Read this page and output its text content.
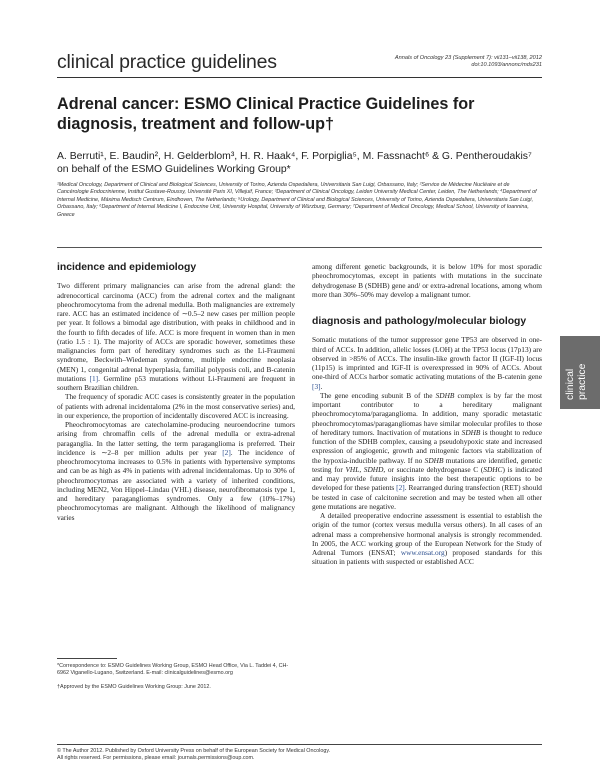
clinical practice guidelines	Annals of Oncology 23 (Supplement 7): vii131–vii138, 2012
doi:10.1093/annonc/mds231
Adrenal cancer: ESMO Clinical Practice Guidelines for diagnosis, treatment and follow-up†
A. Berruti¹, E. Baudin², H. Gelderblom³, H. R. Haak⁴, F. Porpiglia⁵, M. Fassnacht⁶ & G. Pentheroudakis⁷ on behalf of the ESMO Guidelines Working Group*
¹Medical Oncology, Department of Clinical and Biological Sciences, University of Torino, Azienda Ospedaliera, Universitaria San Luigi, Orbassano, Italy; ²Service de Médecine Nucléaire et de Cancérologie Endocrinienne, Institut Gustave-Roussy, Université Paris XI, Villejuif, France; ³Department of Clinical Oncology, Leiden University Medical Center, Leiden, The Netherlands; ⁴Department of Internal Medicine, Máxima Medisch Centrum, Eindhoven, The Netherlands; ⁵Urology, Department of Clinical and Biological Sciences, University of Torino, Azienda Ospedaliera, Universitaria San Luigi, Orbassano, Italy; ⁶Department of Internal Medicine I, Endocrine Unit, University Hospital, University of Würzburg, Germany; ⁷Department of Medical Oncology, Medical School, University of Ioannina, Greece
incidence and epidemiology

Two different primary malignancies can arise from the adrenal gland: the adrenocortical carcinoma (ACC) from the adrenal cortex and the malignant pheochromocytoma from the adrenal medulla. Both malignancies are extremely rare. ACC has an estimated incidence of ∼0.5–2 new cases per million people per year. It follows a bimodal age distribution, with peaks in childhood and in the fourth to fifth decades of life. ACC is more frequent in women than in men (ratio 1.5 : 1). The majority of ACCs are sporadic however, sometimes these malignancies form part of hereditary syndromes such as the Li-Fraumeni syndrome, Beckwith–Wiedeman syndrome, multiple endocrine neoplasia (MEN) 1, congenital adrenal hyperplasia, familial polyposis coli, and B-catenin mutations [1]. Germline p53 mutations without Li-Fraumeni are frequent in southern Brazilian children.

The frequency of sporadic ACC cases is consistently greater in the population of patients with adrenal incidentaloma (2% in the most conservative series) and, in our experience, the proportion of incidentally discovered ACC is increasing.

Pheochromocytomas are catecholamine-producing neuroendocrine tumors arising from chromaffin cells of the adrenal medulla or extra-adrenal paraganglia. In the latter setting, the term paraganglioma is preferred. Their incidence is ∼2–8 per million adults per year [2]. The incidence of pheochromocytoma increases to 0.5% in patients with hypertensive symptoms and can be as high as 4% in patients with adrenal incidentalomas. Up to 30% of pheochromocytomas are associated with a variety of inherited conditions, including MEN2, Von Hippel–Lindau (VHL) disease, neurofibromatosis type 1, and hereditary paragangliomas syndromes. Only a few (10%–17%) pheochromocytomas are malignant. Although the likelihood of malignancy varies

among different genetic backgrounds, it is below 10% for most sporadic pheochromocytomas, except in patients with mutations in the succinate dehydrogenase B (SDHB) gene and/ or extra-adrenal locations, among whom more than 30%–50% may develop a malignant tumor.

diagnosis and pathology/molecular biology

Somatic mutations of the tumor suppressor gene TP53 are observed in one-third of ACCs. In addition, allelic losses (LOH) at the TP53 locus (17p13) are observed in >85% of ACCs. The insulin-like growth factor II (IGF-II) locus (11p15) is imprinted and IGF-II is overexpressed in 90% of ACCs. About one-third of ACCs harbor somatic activating mutations of the B-catenin gene [3].

The gene encoding subunit B of the SDHB complex is by far the most important contributor to a hereditary malignant pheochromocytoma/paraganglioma. In addition, many sporadic metastatic pheochromocytomas/paragangliomas have similar molecular profiles to those of hereditary tumors. Inactivation of mutations in SDHB is thought to reduce function of the SDHB complex, causing a pseudohypoxic state and increased expression of angiogenic, growth and mitogenic factors via stabilization of the hypoxia-inducible pathway. If no SDHB mutations are identified, genetic testing for VHL, SDHD, or succinate dehydrogenase C (SDHC) is indicated and may provide future insights into the best therapeutic options to be developed for these patients [2]. Rearranged during transfection (RET) should be tested in case of calcitonine secretion and may be tested when all other gene mutations are negative.

A detailed preoperative endocrine assessment is essential to establish the origin of the tumor (cortex versus medulla versus others). In all cases of an adrenal mass a comprehensive hormonal analysis is strongly recommended. In 2005, the ACC working group of the European Network for the Study of Adrenal Tumors (ENSAT; www.ensat.org) proposed standards for this situation in patients with suspected or established ACC

*Correspondence to: ESMO Guidelines Working Group, ESMO Head Office, Via L. Taddei 4, CH-6962 Viganello-Lugano, Switzerland. E-mail: clinicalguidelines@esmo.org
†Approved by the ESMO Guidelines Working Group: June 2012.
© The Author 2012. Published by Oxford University Press on behalf of the European Society for Medical Oncology.
All rights reserved. For permissions, please email: journals.permissions@oup.com.
clinical practice
